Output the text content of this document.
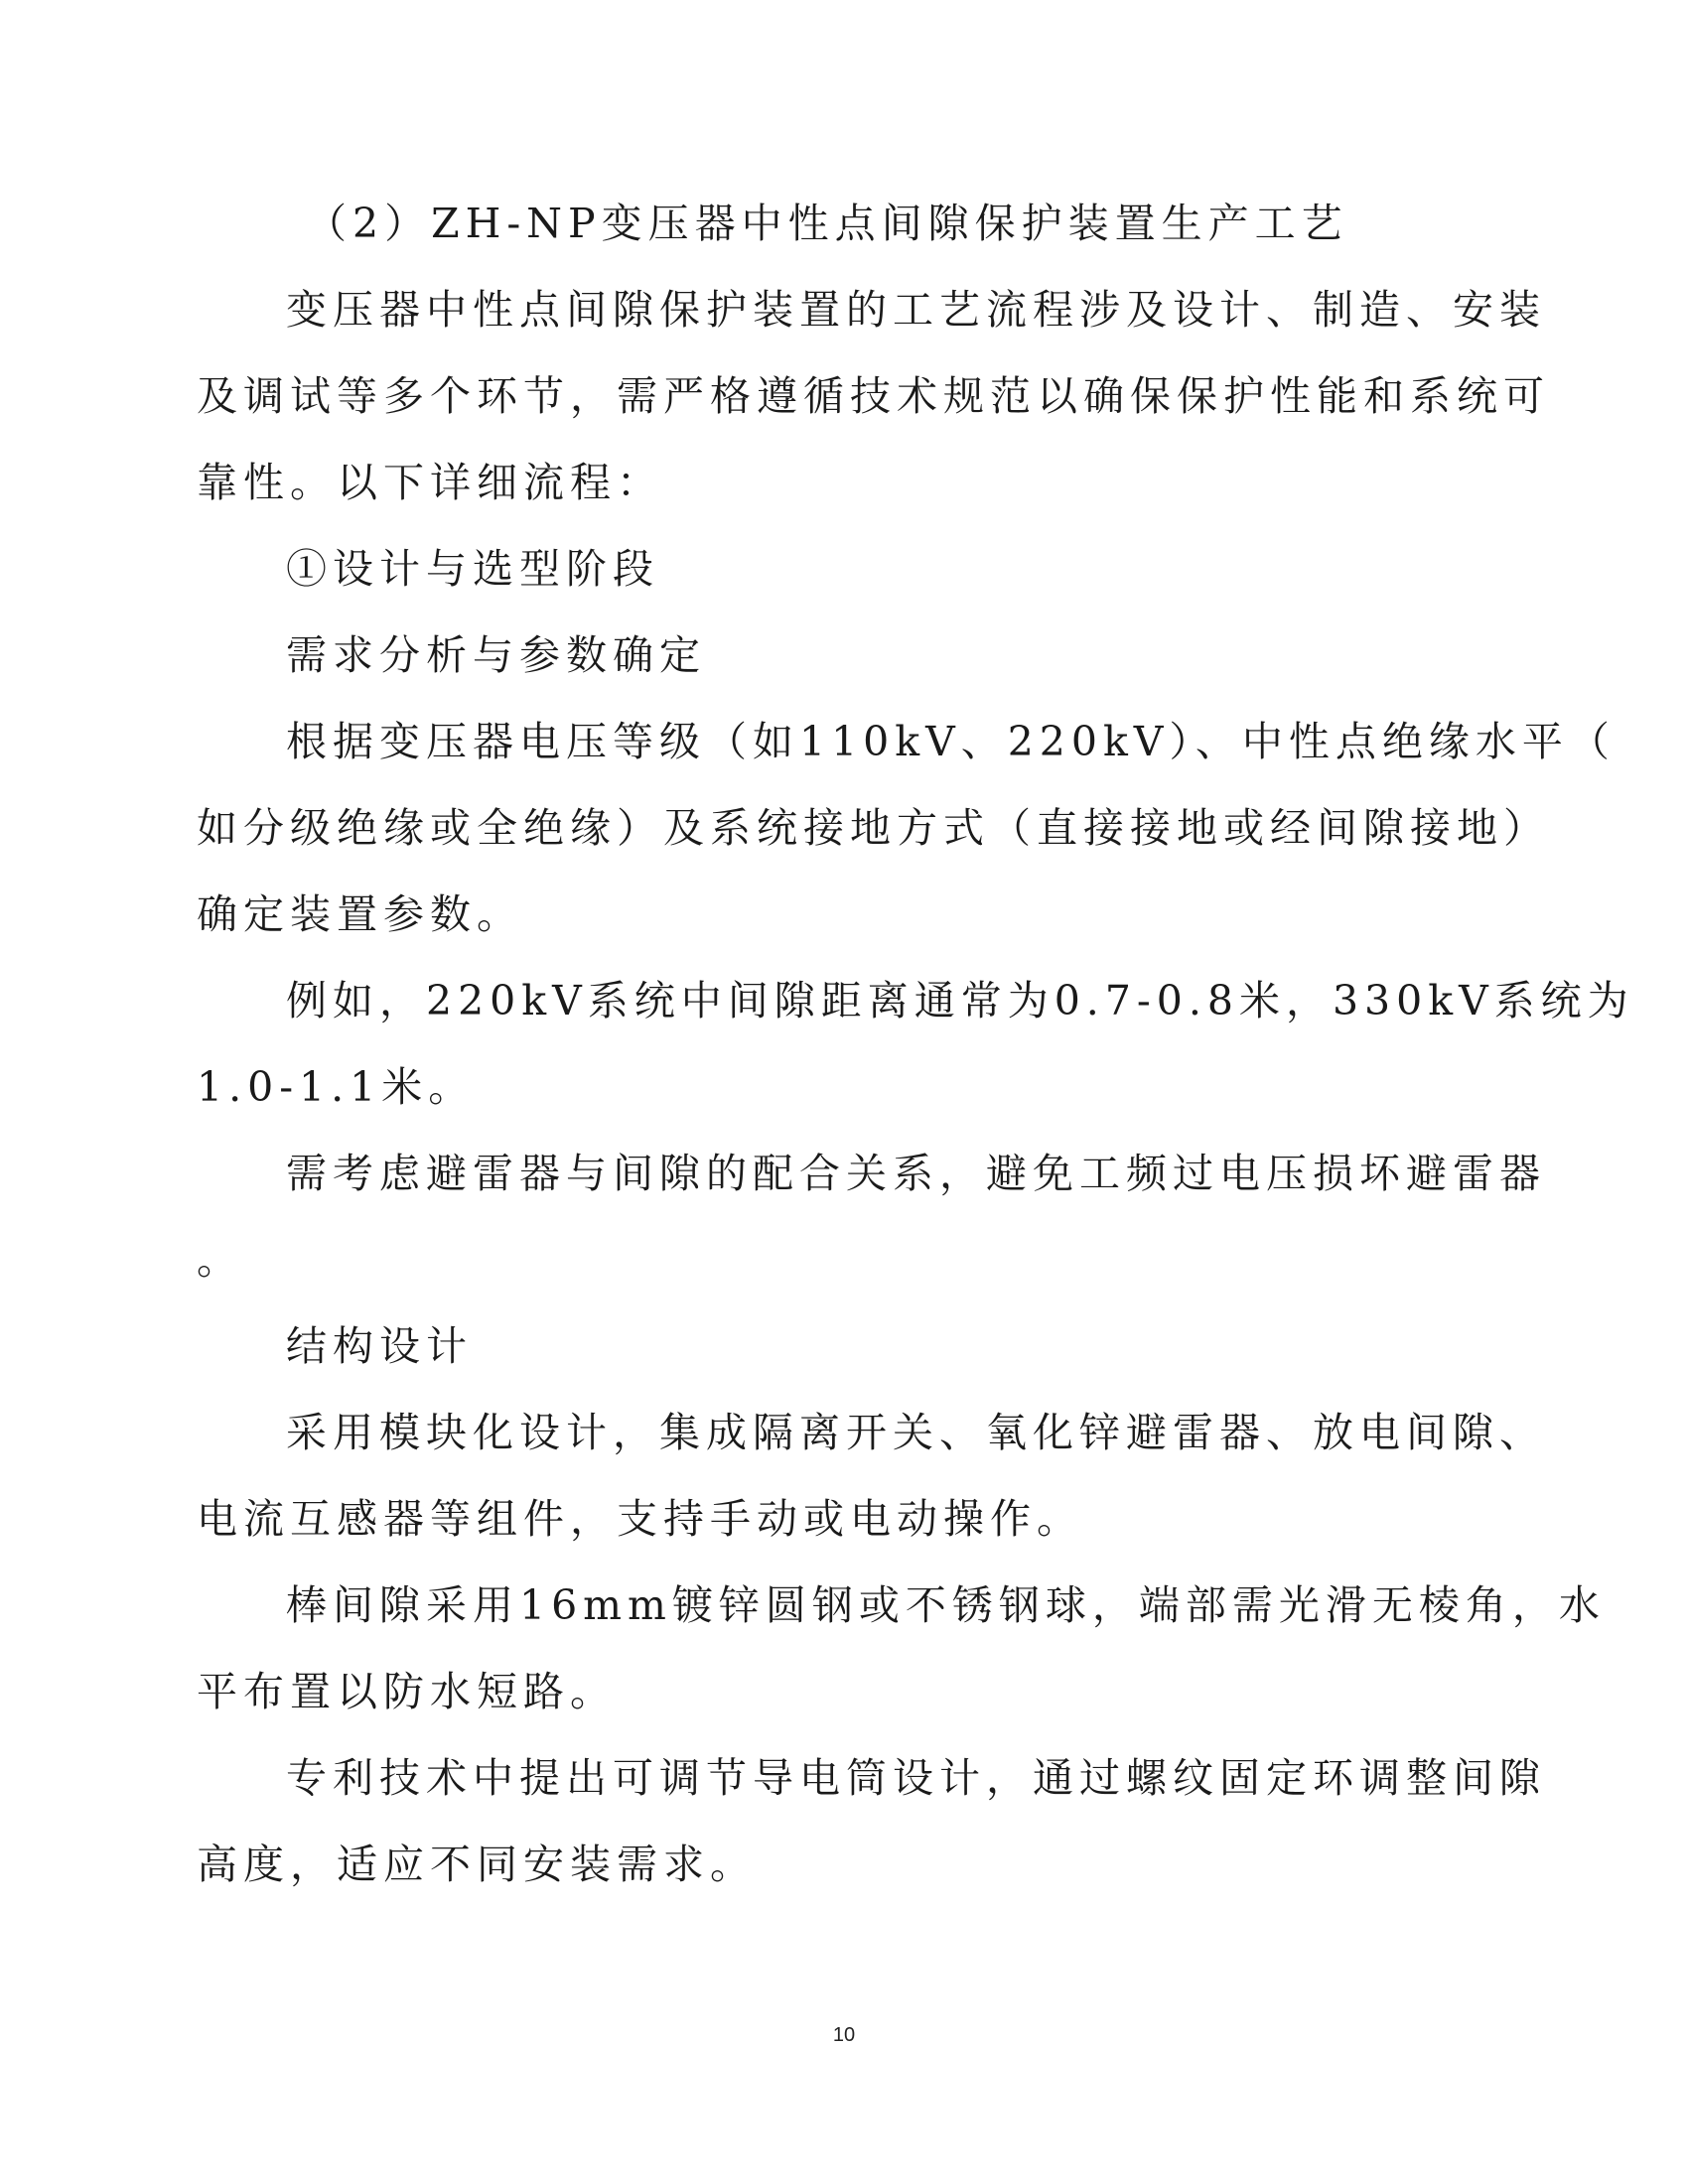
（2）ZH-NP变压器中性点间隙保护装置生产工艺
变压器中性点间隙保护装置的工艺流程涉及设计、制造、安装
及调试等多个环节，需严格遵循技术规范以确保保护性能和系统可
靠性。以下详细流程：
①设计与选型阶段
需求分析与参数确定
根据变压器电压等级（如110kV、220kV）、中性点绝缘水平（
如分级绝缘或全绝缘）及系统接地方式（直接接地或经间隙接地）
确定装置参数。
例如，220kV系统中间隙距离通常为0.7-0.8米，330kV系统为
1.0-1.1米。
需考虑避雷器与间隙的配合关系，避免工频过电压损坏避雷器
。
结构设计
采用模块化设计，集成隔离开关、氧化锌避雷器、放电间隙、
电流互感器等组件，支持手动或电动操作。
棒间隙采用16mm镀锌圆钢或不锈钢球，端部需光滑无棱角，水
平布置以防水短路。
专利技术中提出可调节导电筒设计，通过螺纹固定环调整间隙
高度，适应不同安装需求。
10
